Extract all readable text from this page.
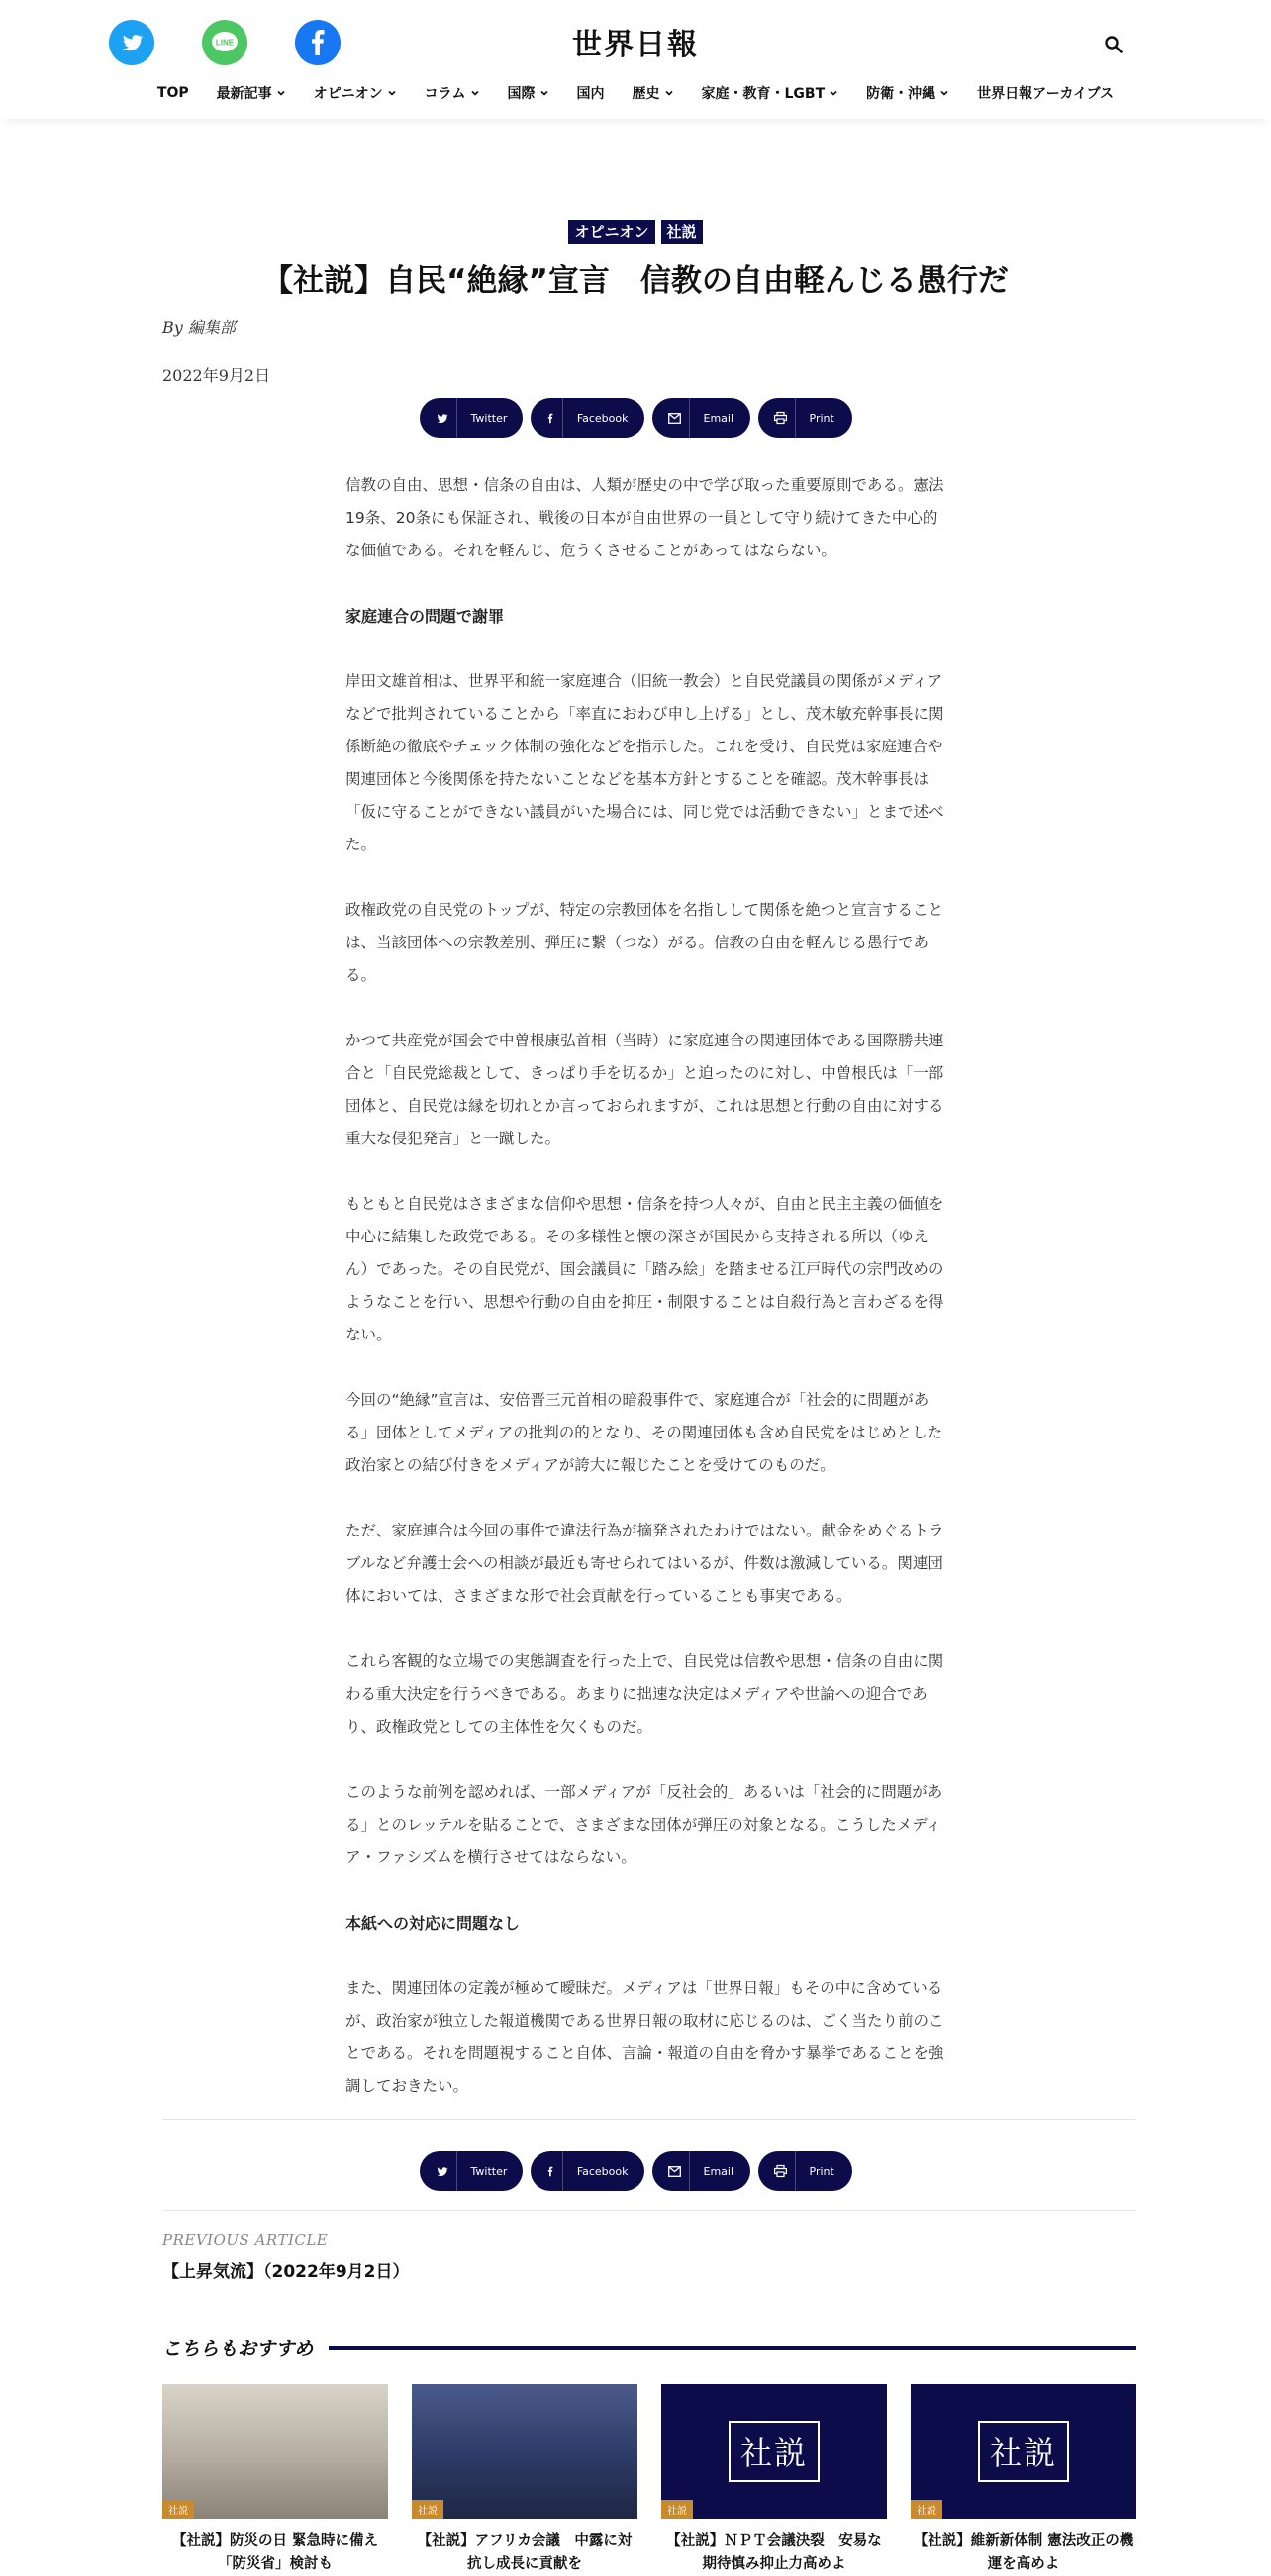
LINE	世界日報
TOP 最新記事	オピニオン	コラム	国際	国内 歴史	家庭・教育・LGBT	防衛・沖縄	世界日報アーカイブス
オピニオン	社説
【社説】自民“絶縁”宣言　信教の自由軽んじる愚行だ
By 編集部
2022年9月2日
Twitter	Facebook	Email	Print

信教の自由、思想・信条の自由は、人類が歴史の中で学び取った重要原則である。憲法19条、20条にも保証され、戦後の日本が自由世界の一員として守り続けてきた中心的な価値である。それを軽んじ、危うくさせることがあってはならない。

家庭連合の問題で謝罪

岸田文雄首相は、世界平和統一家庭連合（旧統一教会）と自民党議員の関係がメディアなどで批判されていることから「率直におわび申し上げる」とし、茂木敏充幹事長に関係断絶の徹底やチェック体制の強化などを指示した。これを受け、自民党は家庭連合や関連団体と今後関係を持たないことなどを基本方針とすることを確認。茂木幹事長は「仮に守ることができない議員がいた場合には、同じ党では活動できない」とまで述べた。

政権政党の自民党のトップが、特定の宗教団体を名指しして関係を絶つと宣言することは、当該団体への宗教差別、弾圧に繋（つな）がる。信教の自由を軽んじる愚行である。

かつて共産党が国会で中曽根康弘首相（当時）に家庭連合の関連団体である国際勝共連合と「自民党総裁として、きっぱり手を切るか」と迫ったのに対し、中曽根氏は「一部団体と、自民党は縁を切れとか言っておられますが、これは思想と行動の自由に対する重大な侵犯発言」と一蹴した。

もともと自民党はさまざまな信仰や思想・信条を持つ人々が、自由と民主主義の価値を中心に結集した政党である。その多様性と懐の深さが国民から支持される所以（ゆえん）であった。その自民党が、国会議員に「踏み絵」を踏ませる江戸時代の宗門改めのようなことを行い、思想や行動の自由を抑圧・制限することは自殺行為と言わざるを得ない。

今回の“絶縁”宣言は、安倍晋三元首相の暗殺事件で、家庭連合が「社会的に問題がある」団体としてメディアの批判の的となり、その関連団体も含め自民党をはじめとした政治家との結び付きをメディアが誇大に報じたことを受けてのものだ。

ただ、家庭連合は今回の事件で違法行為が摘発されたわけではない。献金をめぐるトラブルなど弁護士会への相談が最近も寄せられてはいるが、件数は激減している。関連団体においては、さまざまな形で社会貢献を行っていることも事実である。

これら客観的な立場での実態調査を行った上で、自民党は信教や思想・信条の自由に関わる重大決定を行うべきである。あまりに拙速な決定はメディアや世論への迎合であり、政権政党としての主体性を欠くものだ。

このような前例を認めれば、一部メディアが「反社会的」あるいは「社会的に問題がある」とのレッテルを貼ることで、さまざまな団体が弾圧の対象となる。こうしたメディア・ファシズムを横行させてはならない。

本紙への対応に問題なし

また、関連団体の定義が極めて曖昧だ。メディアは「世界日報」もその中に含めているが、政治家が独立した報道機関である世界日報の取材に応じるのは、ごく当たり前のことである。それを問題視すること自体、言論・報道の自由を脅かす暴挙であることを強調しておきたい。

Twitter	Facebook	Email	Print
PREVIOUS ARTICLE
【上昇気流】（2022年9月2日）
こちらもおすすめ
社説
【社説】防災の日 緊急時に備え「防災省」検討も
社説
【社説】アフリカ会議　中露に対抗し成長に貢献を
社説
社説
【社説】ＮＰＴ会議決裂　安易な期待慎み抑止力高めよ
社説
社説
【社説】維新新体制 憲法改正の機運を高めよ
